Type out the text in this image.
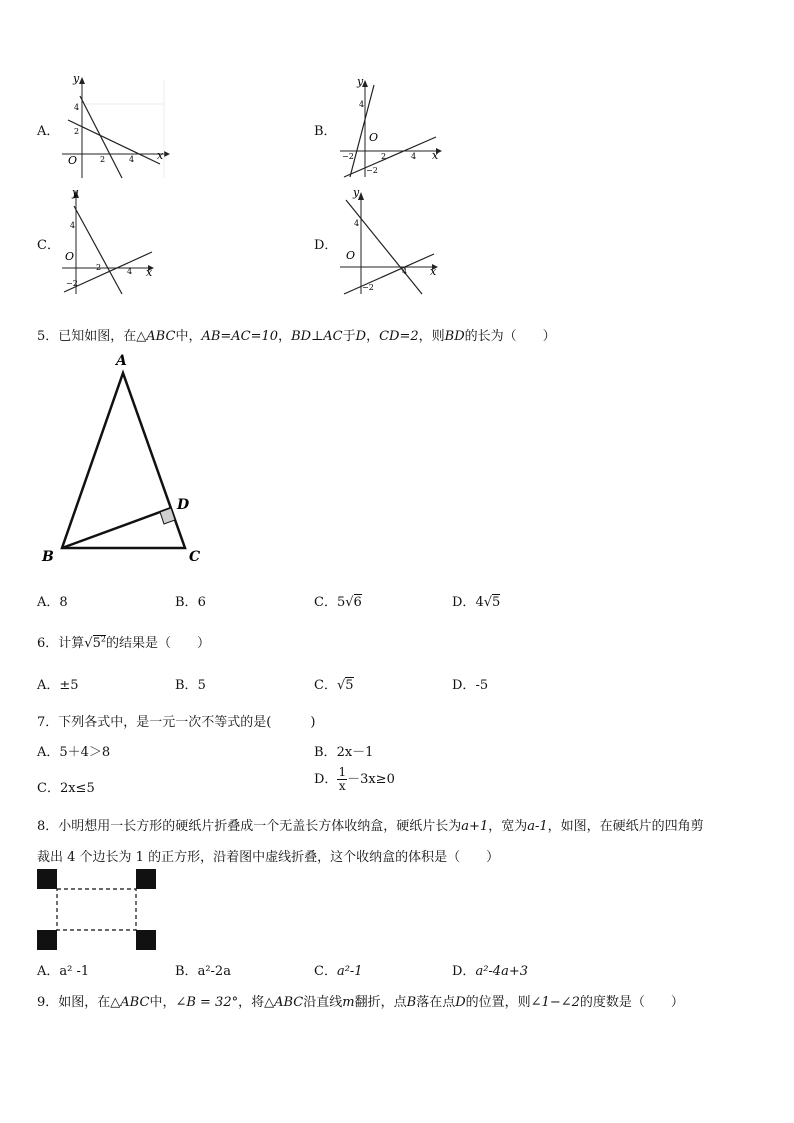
A．
y
x
4
2
2	4
O
B．
y
x
4
−2
−2	2	4
O
C．
y
x
4
−2
2	4
O
D．
y
x
4
−2
4
O
5．已知如图，在△ABC中，AB=AC=10，BD⊥AC于D，CD=2，则BD的长为（　　）
A
B	C
D
A．8	B．6	C．5√6	D．4√5
6．计算$√5^2$的结果是（　　）
A．±5	B．5	C．√5	D．-5
7．下列各式中，是一元一次不等式的是(　　　)
A．5＋4＞8	B．2x－1
C．2x≤5
D． $\frac{1}{x} -3x\ge 0$
8．小明想用一长方形的硬纸片折叠成一个无盖长方体收纳盒，硬纸片长为a+1，宽为a-1，如图，在硬纸片的四角剪
裁出 4 个边长为 1 的正方形，沿着图中虚线折叠，这个收纳盒的体积是（　　）
A．a² -1	B．a²-2a	C．a²-1	D．a²-4a+3
9．如图，在△ABC中，∠B = 32°，将△ABC沿直线m翻折，点B落在点D的位置，则∠1−∠2的度数是（　　）
